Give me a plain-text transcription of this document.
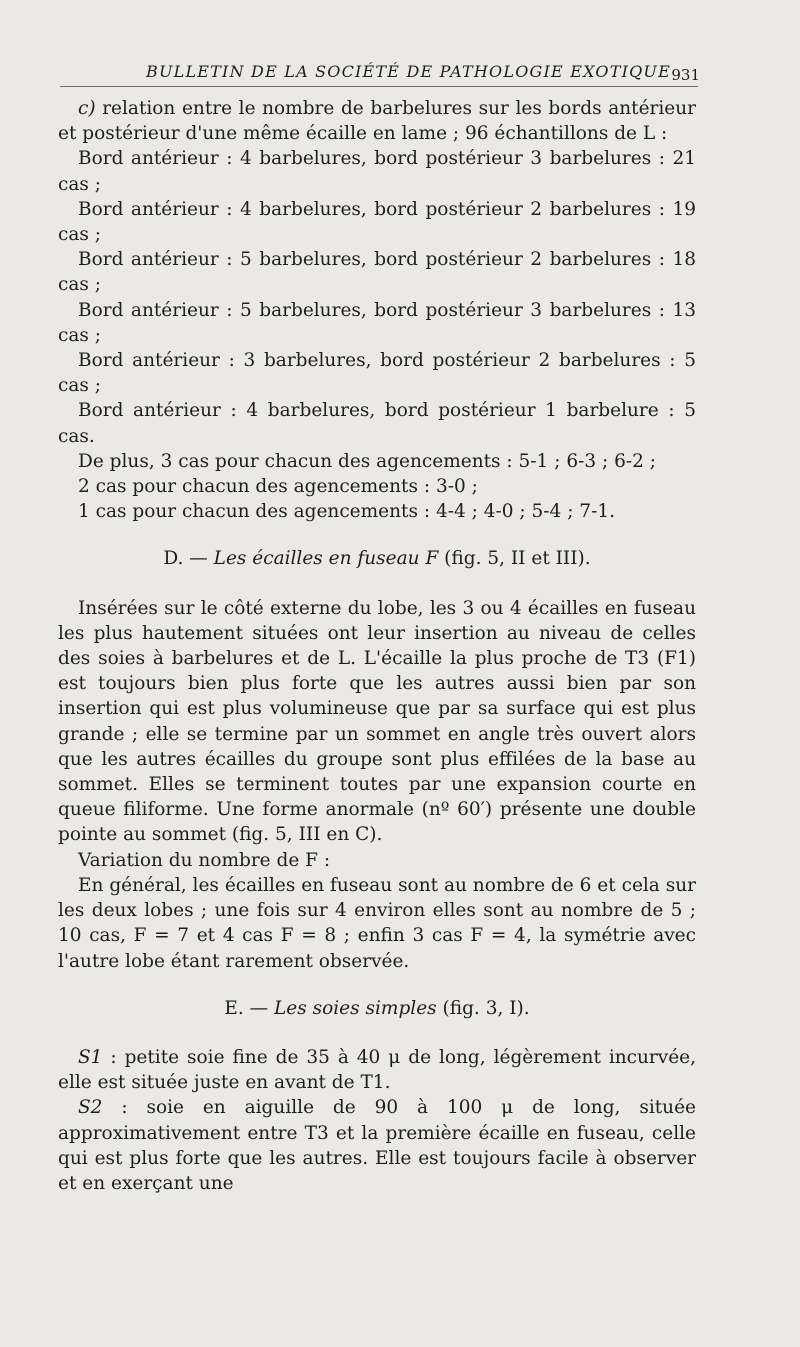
BULLETIN DE LA SOCIÉTÉ DE PATHOLOGIE EXOTIQUE 931

c) relation entre le nombre de barbelures sur les bords antérieur et postérieur d'une même écaille en lame ; 96 échantillons de L :

Bord antérieur : 4 barbelures, bord postérieur 3 barbelures : 21 cas ;

Bord antérieur : 4 barbelures, bord postérieur 2 barbelures : 19 cas ;

Bord antérieur : 5 barbelures, bord postérieur 2 barbelures : 18 cas ;

Bord antérieur : 5 barbelures, bord postérieur 3 barbelures : 13 cas ;

Bord antérieur : 3 barbelures, bord postérieur 2 barbelures : 5 cas ;

Bord antérieur : 4 barbelures, bord postérieur 1 barbelure : 5 cas.

De plus, 3 cas pour chacun des agencements : 5-1 ; 6-3 ; 6-2 ;

2 cas pour chacun des agencements : 3-0 ;

1 cas pour chacun des agencements : 4-4 ; 4-0 ; 5-4 ; 7-1.

D. — Les écailles en fuseau F (fig. 5, II et III).

Insérées sur le côté externe du lobe, les 3 ou 4 écailles en fuseau les plus hautement situées ont leur insertion au niveau de celles des soies à barbelures et de L. L'écaille la plus proche de T3 (F1) est toujours bien plus forte que les autres aussi bien par son insertion qui est plus volumineuse que par sa surface qui est plus grande ; elle se termine par un sommet en angle très ouvert alors que les autres écailles du groupe sont plus effilées de la base au sommet. Elles se terminent toutes par une expansion courte en queue filiforme. Une forme anormale (nº 60′) présente une double pointe au sommet (fig. 5, III en C).

Variation du nombre de F :

En général, les écailles en fuseau sont au nombre de 6 et cela sur les deux lobes ; une fois sur 4 environ elles sont au nombre de 5 ; 10 cas, F = 7 et 4 cas F = 8 ; enfin 3 cas F = 4, la symétrie avec l'autre lobe étant rarement observée.

E. — Les soies simples (fig. 3, I).

S1 : petite soie fine de 35 à 40 μ de long, légèrement incurvée, elle est située juste en avant de T1.

S2 : soie en aiguille de 90 à 100 μ de long, située approximativement entre T3 et la première écaille en fuseau, celle qui est plus forte que les autres. Elle est toujours facile à observer et en exerçant une
